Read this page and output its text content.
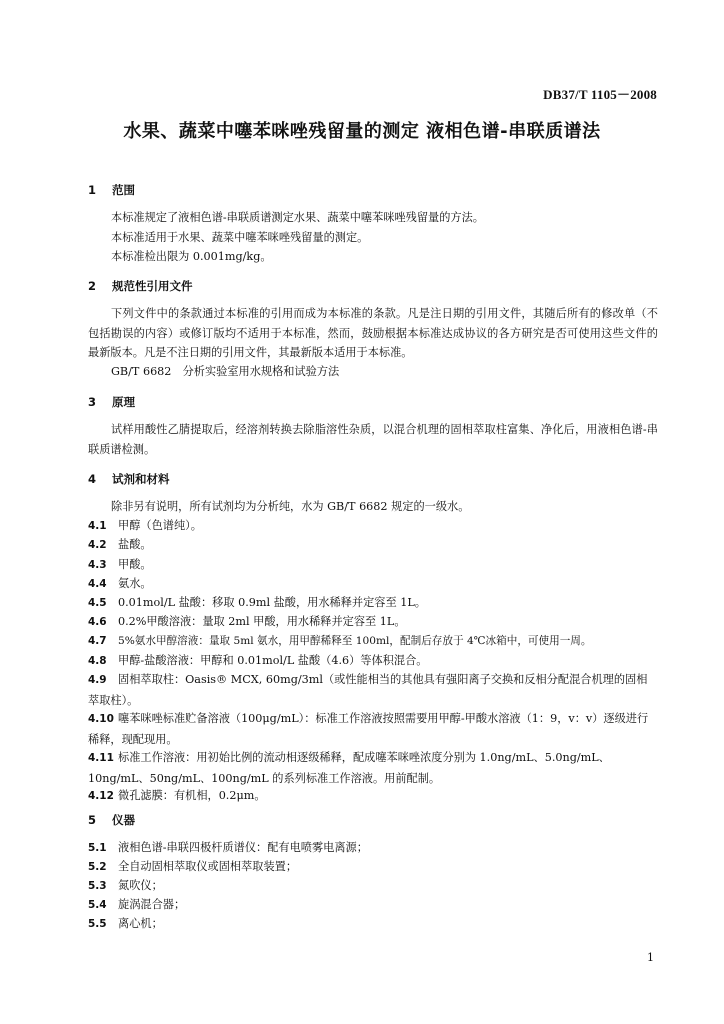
DB37/T 1105－2008
水果、蔬菜中噻苯咪唑残留量的测定 液相色谱-串联质谱法
1 范围
本标准规定了液相色谱-串联质谱测定水果、蔬菜中噻苯咪唑残留量的方法。
本标准适用于水果、蔬菜中噻苯咪唑残留量的测定。
本标准检出限为 0.001mg/kg。
2 规范性引用文件
下列文件中的条款通过本标准的引用而成为本标准的条款。凡是注日期的引用文件，其随后所有的修改单（不包括勘误的内容）或修订版均不适用于本标准，然而，鼓励根据本标准达成协议的各方研究是否可使用这些文件的最新版本。凡是不注日期的引用文件，其最新版本适用于本标准。
GB/T 6682　分析实验室用水规格和试验方法
3 原理
试样用酸性乙腈提取后，经溶剂转换去除脂溶性杂质，以混合机理的固相萃取柱富集、净化后，用液相色谱-串联质谱检测。
4 试剂和材料
除非另有说明，所有试剂均为分析纯，水为 GB/T 6682 规定的一级水。
4.1 甲醇（色谱纯）。
4.2 盐酸。
4.3 甲酸。
4.4 氨水。
4.5 0.01mol/L 盐酸：移取 0.9ml 盐酸，用水稀释并定容至 1L。
4.6 0.2%甲酸溶液：量取 2ml 甲酸，用水稀释并定容至 1L。
4.7 5%氨水甲醇溶液：量取 5ml 氨水，用甲醇稀释至 100ml，配制后存放于 4℃冰箱中，可使用一周。
4.8 甲醇-盐酸溶液：甲醇和 0.01mol/L 盐酸（4.6）等体积混合。
4.9 固相萃取柱：Oasis® MCX, 60mg/3ml（或性能相当的其他具有强阳离子交换和反相分配混合机理的固相萃取柱）。
4.10 噻苯咪唑标准贮备溶液（100μg/mL）：标准工作溶液按照需要用甲醇-甲酸水溶液（1：9，v：v）逐级进行稀释，现配现用。
4.11 标准工作溶液：用初始比例的流动相逐级稀释，配成噻苯咪唑浓度分别为 1.0ng/mL、5.0ng/mL、10ng/mL、50ng/mL、100ng/mL 的系列标准工作溶液。用前配制。
4.12 微孔滤膜：有机相，0.2μm。
5 仪器
5.1 液相色谱-串联四极杆质谱仪：配有电喷雾电离源；
5.2 全自动固相萃取仪或固相萃取装置；
5.3 氮吹仪；
5.4 旋涡混合器；
5.5 离心机；
1
